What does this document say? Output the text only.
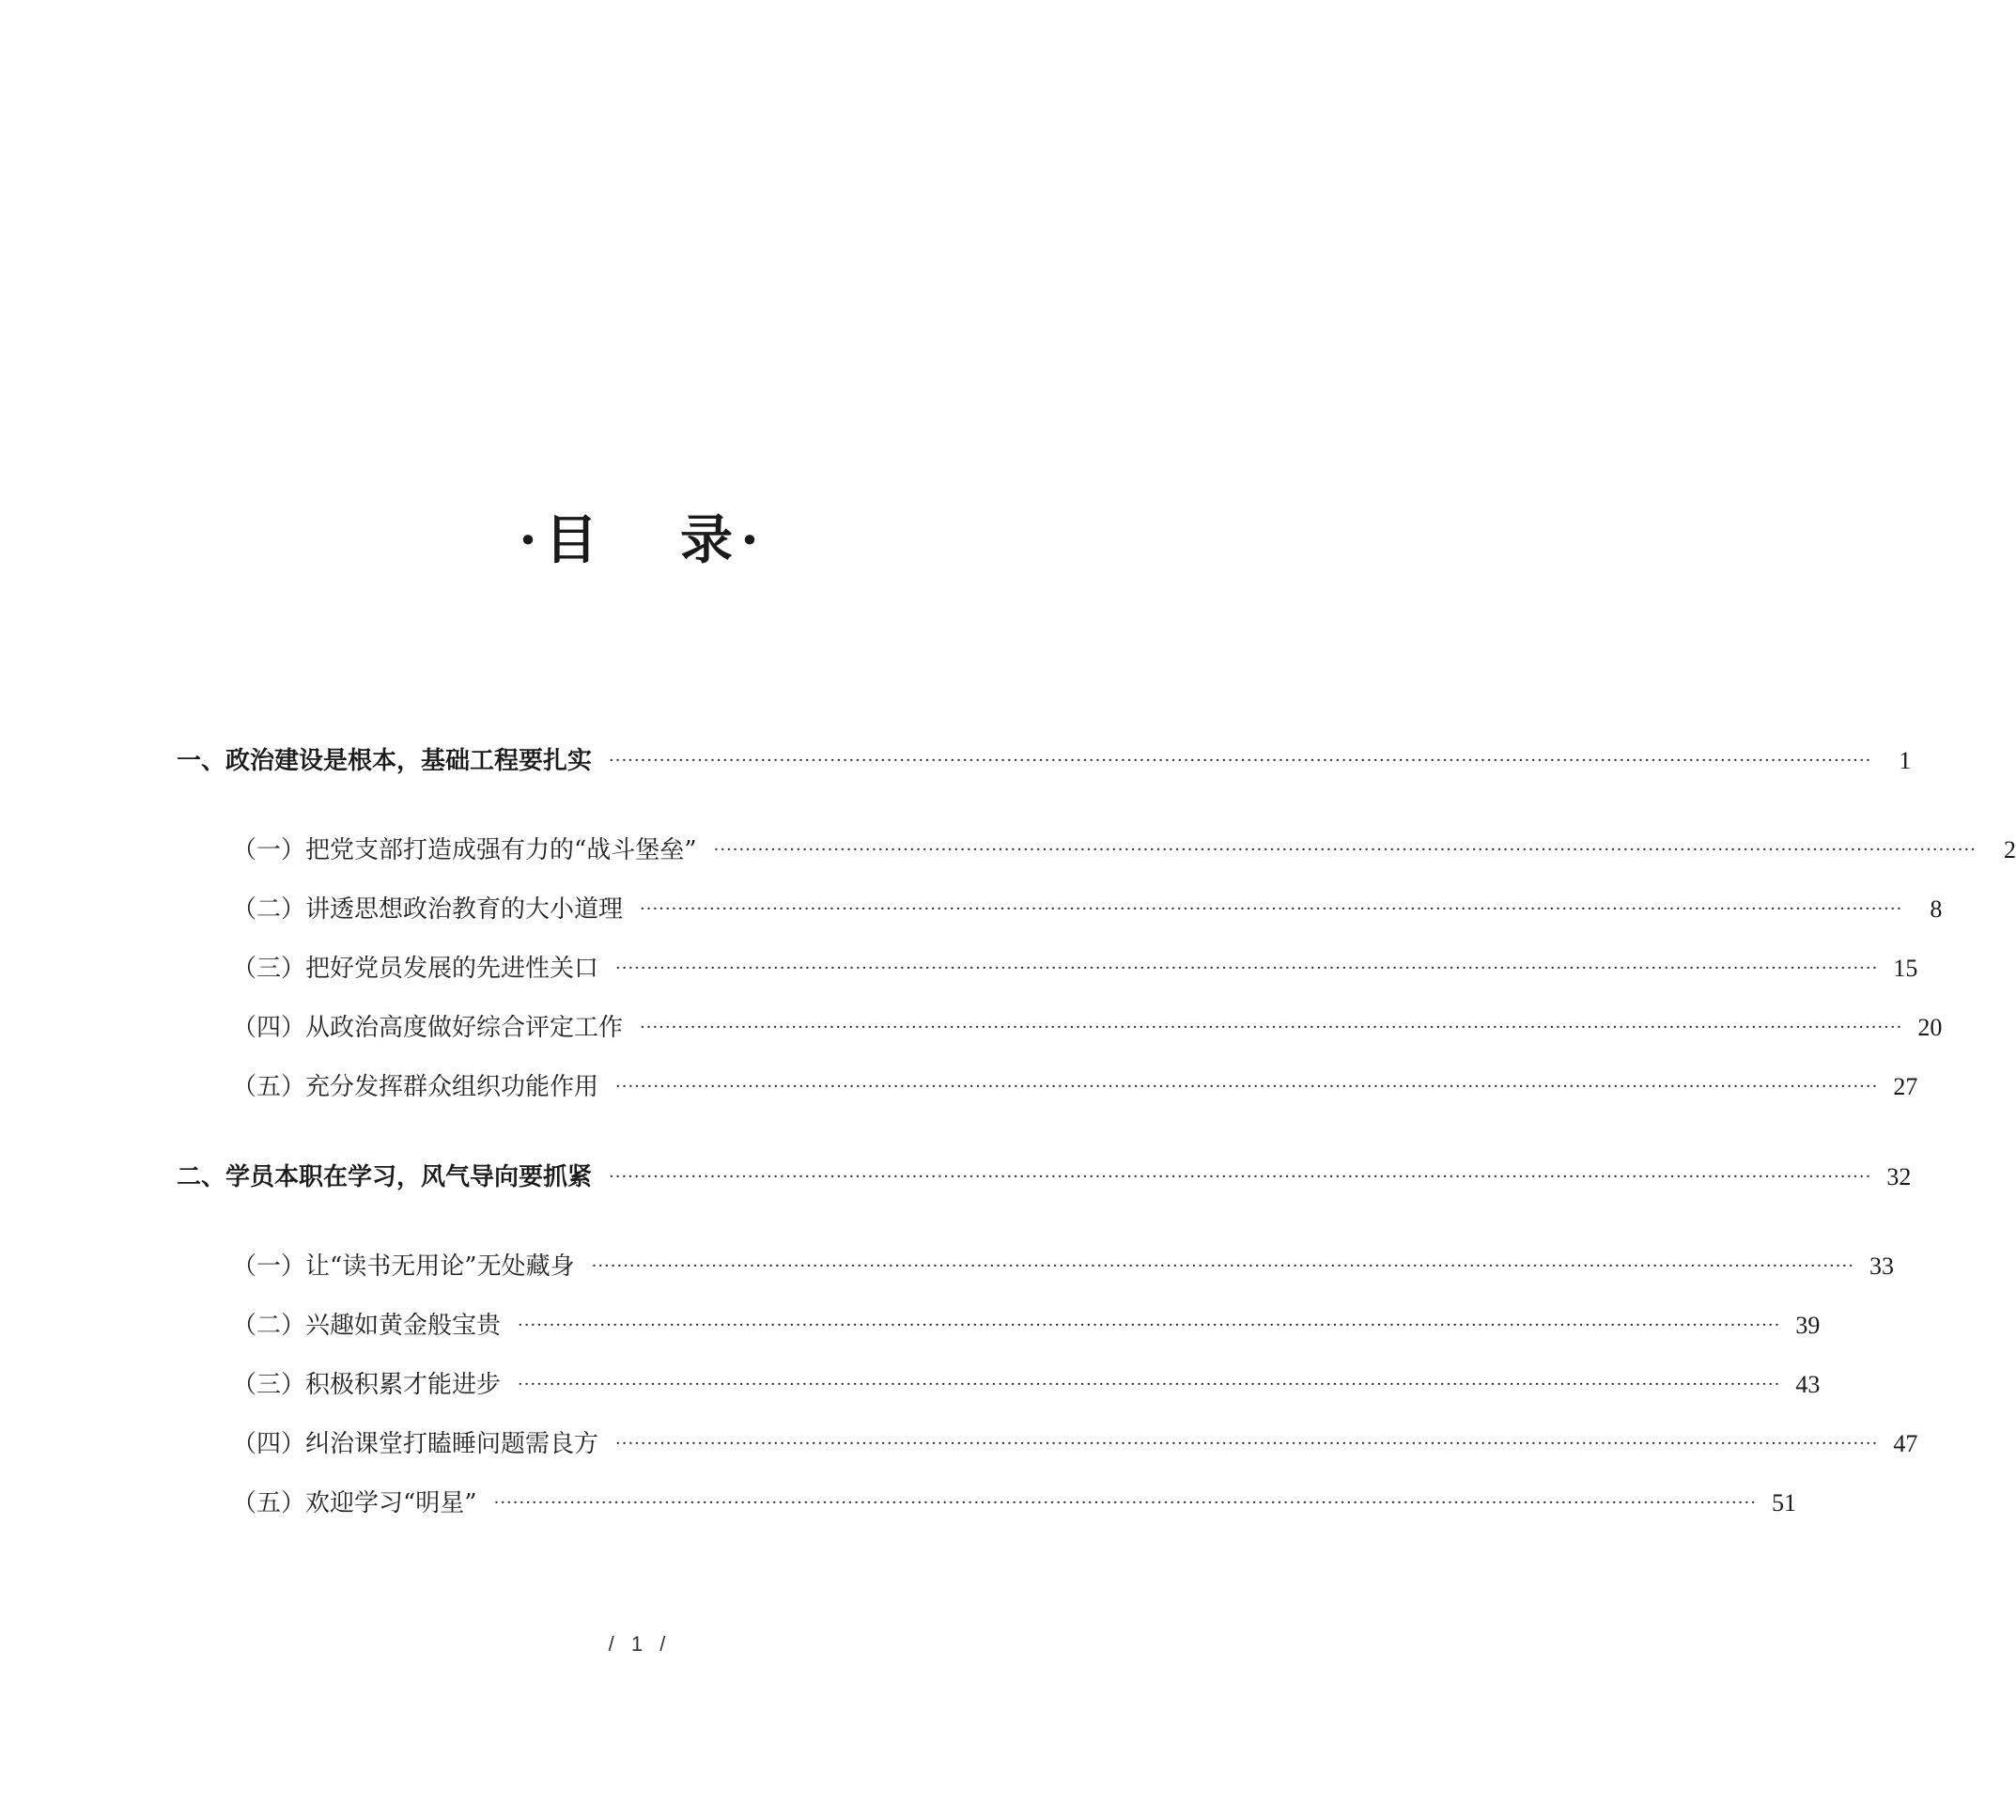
· 目 录 ·
一、政治建设是根本，基础工程要扎实 ········································································································································································································	1
（一）把党支部打造成强有力的“战斗堡垒” ········································································································································································································	2
（二）讲透思想政治教育的大小道理 ········································································································································································································	8
（三）把好党员发展的先进性关口 ········································································································································································································ 15
（四）从政治高度做好综合评定工作 ········································································································································································································ 20
（五）充分发挥群众组织功能作用 ········································································································································································································ 27
二、学员本职在学习，风气导向要抓紧 ········································································································································································································ 32
（一）让“读书无用论”无处藏身 ········································································································································································································ 33
（二）兴趣如黄金般宝贵 ········································································································································································································ 39
（三）积极积累才能进步 ········································································································································································································ 43
（四）纠治课堂打瞌睡问题需良方 ········································································································································································································ 47
（五）欢迎学习“明星” ········································································································································································································ 51
/ 1 /
